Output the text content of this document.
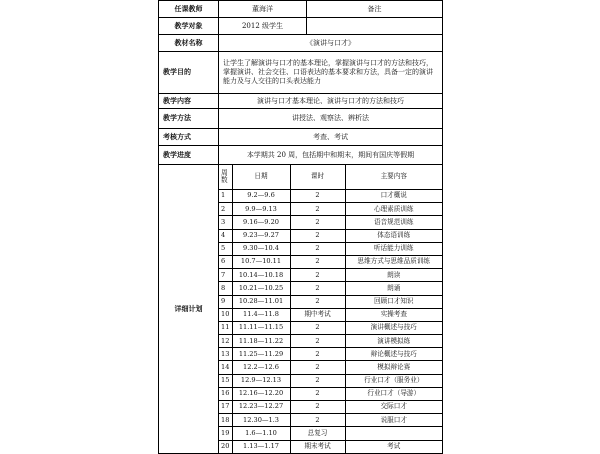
任课教师	董海洋	备注
教学对象	2012 级学生	
教材名称	《演讲与口才》
教学目的	让学生了解演讲与口才的基本理论，掌握演讲与口才的方法和技巧，掌握演讲、社会交往、口语表达的基本要求和方法，具备一定的演讲能力及与人交往的口头表达能力
教学内容	演讲与口才基本理论、演讲与口才的方法和技巧
教学方法	讲授法、观察法、辨析法
考核方式	考查、考试
教学进度	本学期共 20 周，包括期中和期末，期间有国庆等假期
详细计划	
周数	日期	课时	主要内容
1	9.2—9.6	2	口才概说
2	9.9—9.13	2	心理素质训练
3	9.16—9.20	2	语音规范训练
4	9.23—9.27	2	体态语训练
5	9.30—10.4	2	听话能力训练
6	10.7—10.11	2	思维方式与思维品质训练
7	10.14—10.18	2	朗读
8	10.21—10.25	2	朗诵
9	10.28—11.01	2	回顾口才知识
10	11.4—11.8	期中考试	实操考查
11	11.11—11.15	2	演讲概述与技巧
12	11.18—11.22	2	演讲模拟练
13	11.25—11.29	2	辩论概述与技巧
14	12.2—12.6	2	模拟辩论赛
15	12.9—12.13	2	行业口才（服务业）
16	12.16—12.20	2	行业口才（导游）
17	12.23—12.27	2	交际口才
18	12.30—1.3	2	说服口才
19	1.6—1.10	总复习	
20	1.13—1.17	期末考试	考试
